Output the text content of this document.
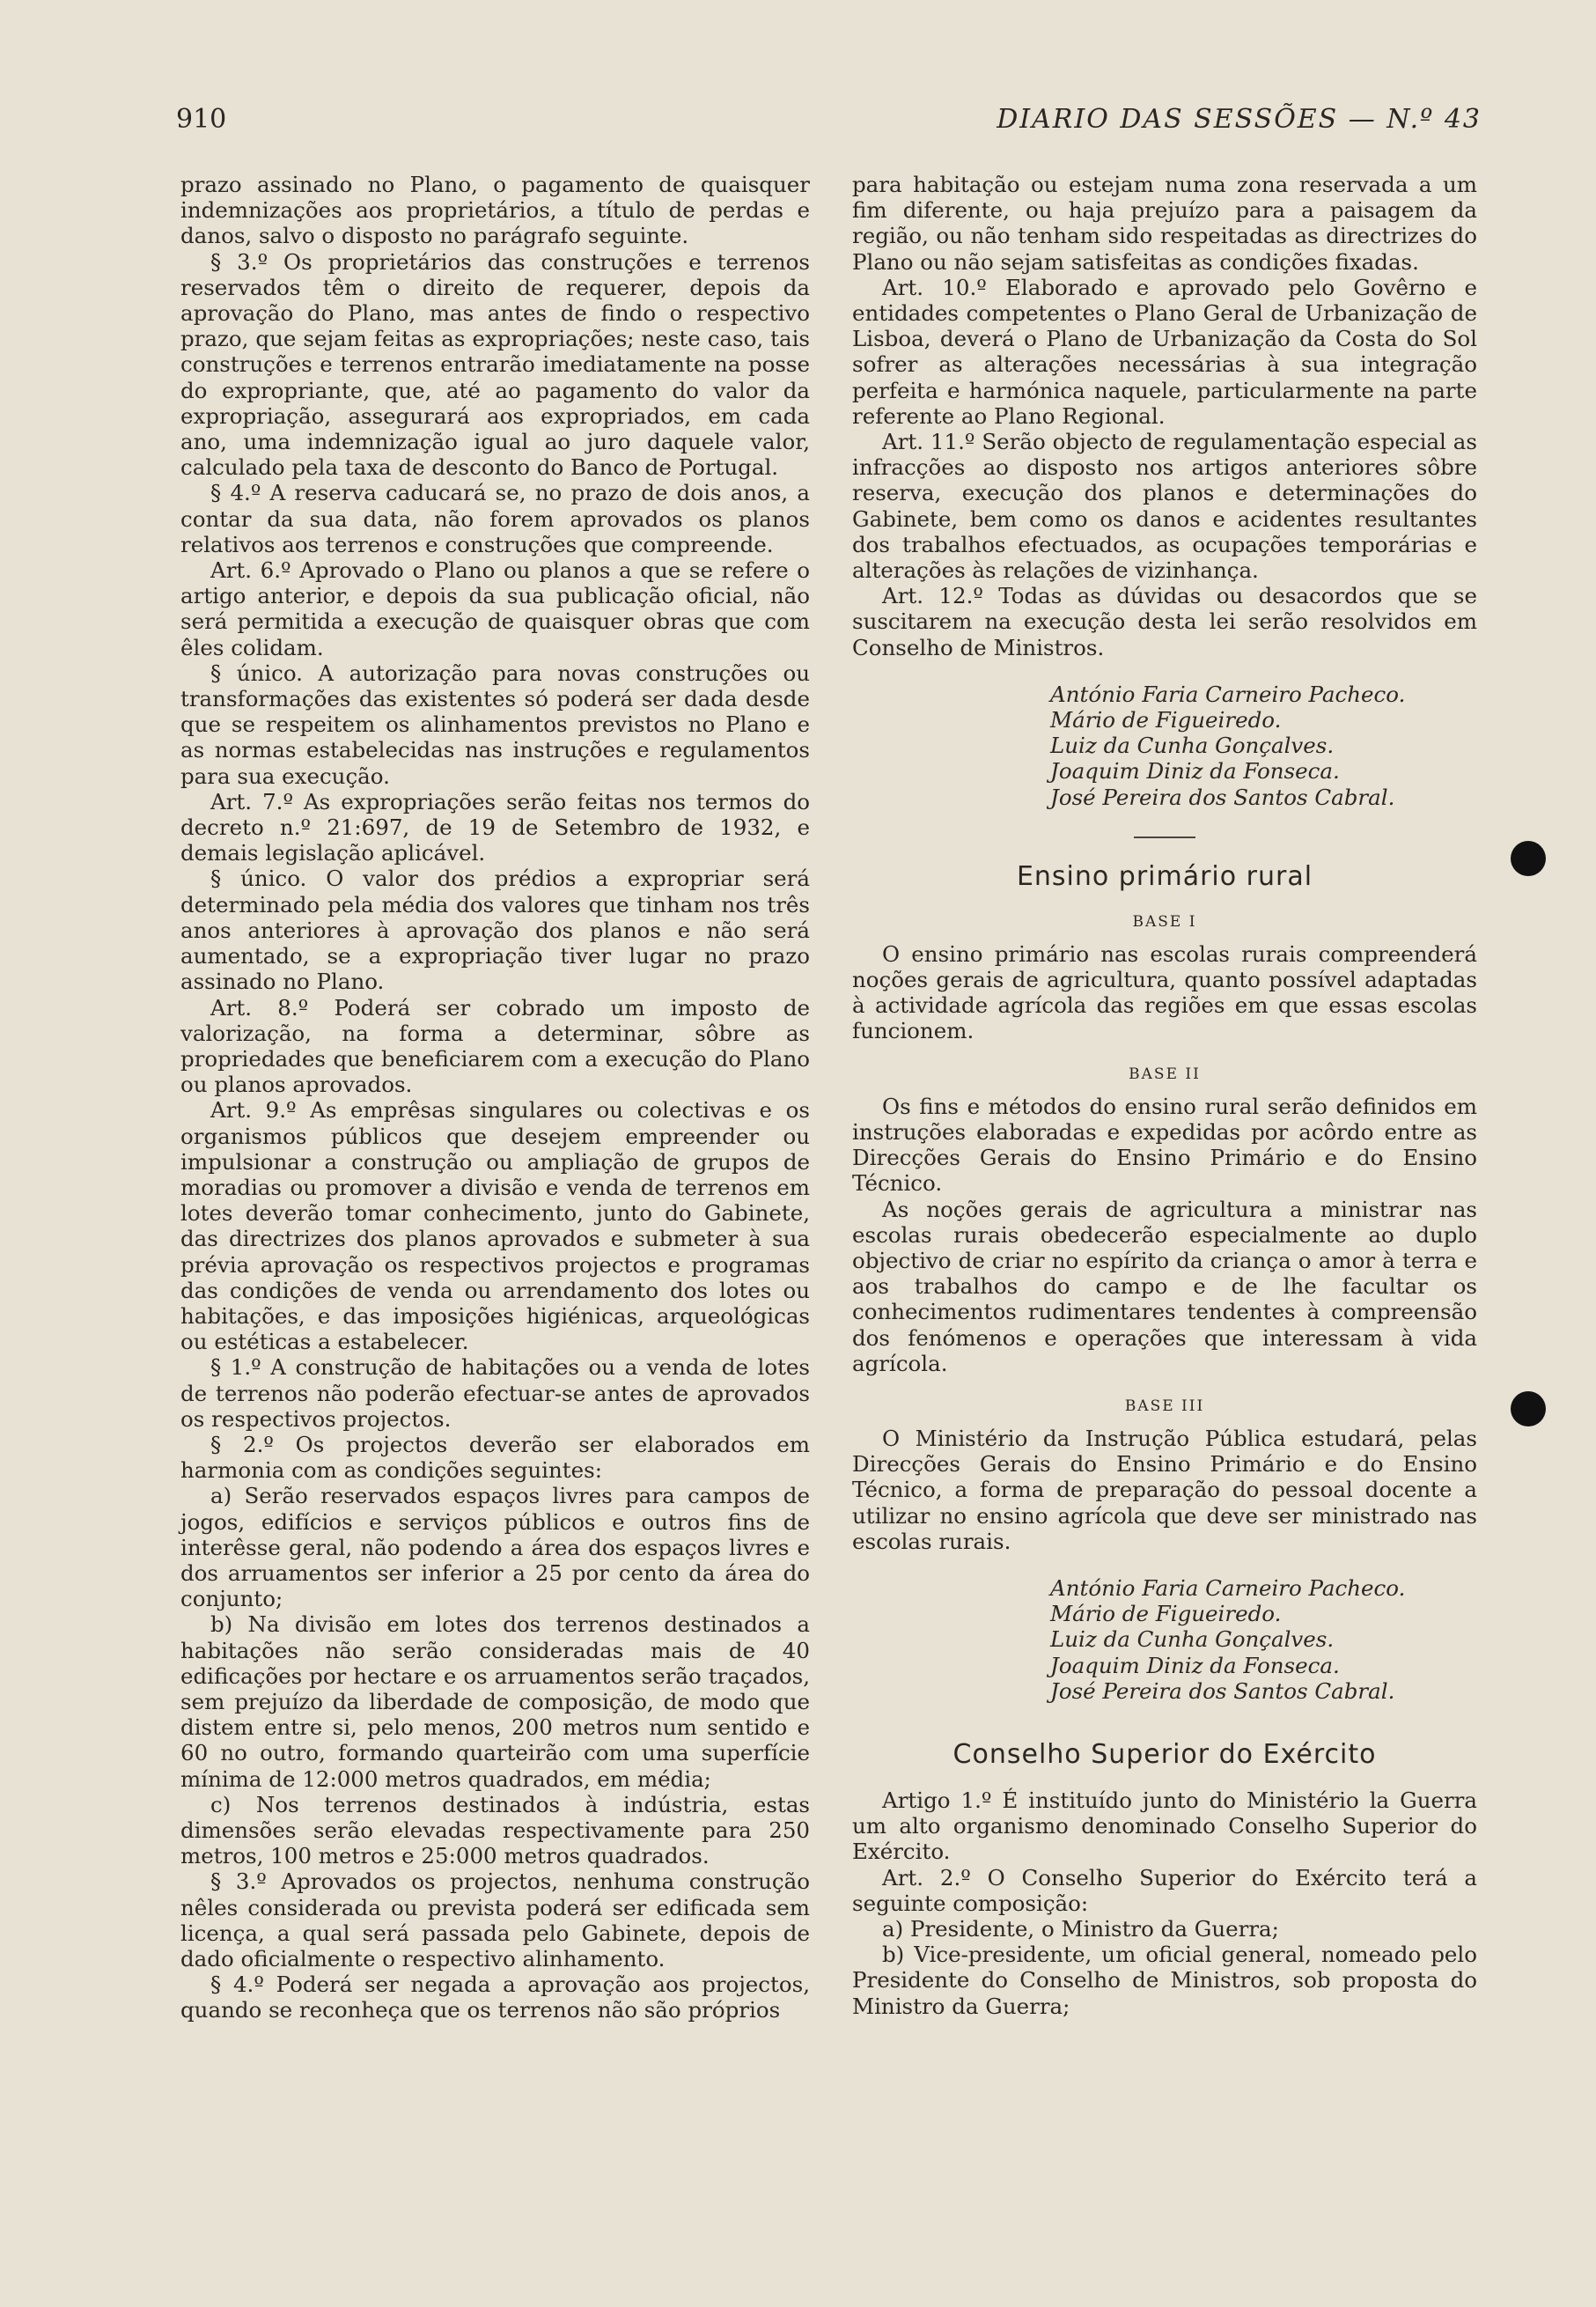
910	DIARIO DAS SESSÕES — N.º 43

prazo assinado no Plano, o pagamento de quaisquer indemnizações aos proprietários, a título de perdas e danos, salvo o disposto no parágrafo seguinte.

§ 3.º Os proprietários das construções e terrenos reservados têm o direito de requerer, depois da aprovação do Plano, mas antes de findo o respectivo prazo, que sejam feitas as expropriações; neste caso, tais construções e terrenos entrarão imediatamente na posse do expropriante, que, até ao pagamento do valor da expropriação, assegurará aos expropriados, em cada ano, uma indemnização igual ao juro daquele valor, calculado pela taxa de desconto do Banco de Portugal.

§ 4.º A reserva caducará se, no prazo de dois anos, a contar da sua data, não forem aprovados os planos relativos aos terrenos e construções que compreende.

Art. 6.º Aprovado o Plano ou planos a que se refere o artigo anterior, e depois da sua publicação oficial, não será permitida a execução de quaisquer obras que com êles colidam.

§ único. A autorização para novas construções ou transformações das existentes só poderá ser dada desde que se respeitem os alinhamentos previstos no Plano e as normas estabelecidas nas instruções e regulamentos para sua execução.

Art. 7.º As expropriações serão feitas nos termos do decreto n.º 21:697, de 19 de Setembro de 1932, e demais legislação aplicável.

§ único. O valor dos prédios a expropriar será determinado pela média dos valores que tinham nos três anos anteriores à aprovação dos planos e não será aumentado, se a expropriação tiver lugar no prazo assinado no Plano.

Art. 8.º Poderá ser cobrado um imposto de valorização, na forma a determinar, sôbre as propriedades que beneficiarem com a execução do Plano ou planos aprovados.

Art. 9.º As emprêsas singulares ou colectivas e os organismos públicos que desejem empreender ou impulsionar a construção ou ampliação de grupos de moradias ou promover a divisão e venda de terrenos em lotes deverão tomar conhecimento, junto do Gabinete, das directrizes dos planos aprovados e submeter à sua prévia aprovação os respectivos projectos e programas das condições de venda ou arrendamento dos lotes ou habitações, e das imposições higiénicas, arqueológicas ou estéticas a estabelecer.

§ 1.º A construção de habitações ou a venda de lotes de terrenos não poderão efectuar-se antes de aprovados os respectivos projectos.

§ 2.º Os projectos deverão ser elaborados em harmonia com as condições seguintes:

a) Serão reservados espaços livres para campos de jogos, edifícios e serviços públicos e outros fins de interêsse geral, não podendo a área dos espaços livres e dos arruamentos ser inferior a 25 por cento da área do conjunto;

b) Na divisão em lotes dos terrenos destinados a habitações não serão consideradas mais de 40 edificações por hectare e os arruamentos serão traçados, sem prejuízo da liberdade de composição, de modo que distem entre si, pelo menos, 200 metros num sentido e 60 no outro, formando quarteirão com uma superfície mínima de 12:000 metros quadrados, em média;

c) Nos terrenos destinados à indústria, estas dimensões serão elevadas respectivamente para 250 metros, 100 metros e 25:000 metros quadrados.

§ 3.º Aprovados os projectos, nenhuma construção nêles considerada ou prevista poderá ser edificada sem licença, a qual será passada pelo Gabinete, depois de dado oficialmente o respectivo alinhamento.

§ 4.º Poderá ser negada a aprovação aos projectos, quando se reconheça que os terrenos não são próprios

para habitação ou estejam numa zona reservada a um fim diferente, ou haja prejuízo para a paisagem da região, ou não tenham sido respeitadas as directrizes do Plano ou não sejam satisfeitas as condições fixadas.

Art. 10.º Elaborado e aprovado pelo Govêrno e entidades competentes o Plano Geral de Urbanização de Lisboa, deverá o Plano de Urbanização da Costa do Sol sofrer as alterações necessárias à sua integração perfeita e harmónica naquele, particularmente na parte referente ao Plano Regional.

Art. 11.º Serão objecto de regulamentação especial as infracções ao disposto nos artigos anteriores sôbre reserva, execução dos planos e determinações do Gabinete, bem como os danos e acidentes resultantes dos trabalhos efectuados, as ocupações temporárias e alterações às relações de vizinhança.

Art. 12.º Todas as dúvidas ou desacordos que se suscitarem na execução desta lei serão resolvidos em Conselho de Ministros.

António Faria Carneiro Pacheco.
Mário de Figueiredo.
Luiz da Cunha Gonçalves.
Joaquim Diniz da Fonseca.
José Pereira dos Santos Cabral.
Ensino primário rural
BASE I

O ensino primário nas escolas rurais compreenderá noções gerais de agricultura, quanto possível adaptadas à actividade agrícola das regiões em que essas escolas funcionem.

BASE II

Os fins e métodos do ensino rural serão definidos em instruções elaboradas e expedidas por acôrdo entre as Direcções Gerais do Ensino Primário e do Ensino Técnico.

As noções gerais de agricultura a ministrar nas escolas rurais obedecerão especialmente ao duplo objectivo de criar no espírito da criança o amor à terra e aos trabalhos do campo e de lhe facultar os conhecimentos rudimentares tendentes à compreensão dos fenómenos e operações que interessam à vida agrícola.

BASE III

O Ministério da Instrução Pública estudará, pelas Direcções Gerais do Ensino Primário e do Ensino Técnico, a forma de preparação do pessoal docente a utilizar no ensino agrícola que deve ser ministrado nas escolas rurais.

António Faria Carneiro Pacheco.
Mário de Figueiredo.
Luiz da Cunha Gonçalves.
Joaquim Diniz da Fonseca.
José Pereira dos Santos Cabral.
Conselho Superior do Exército

Artigo 1.º É instituído junto do Ministério la Guerra um alto organismo denominado Conselho Superior do Exército.

Art. 2.º O Conselho Superior do Exército terá a seguinte composição:

a) Presidente, o Ministro da Guerra;

b) Vice-presidente, um oficial general, nomeado pelo Presidente do Conselho de Ministros, sob proposta do Ministro da Guerra;
